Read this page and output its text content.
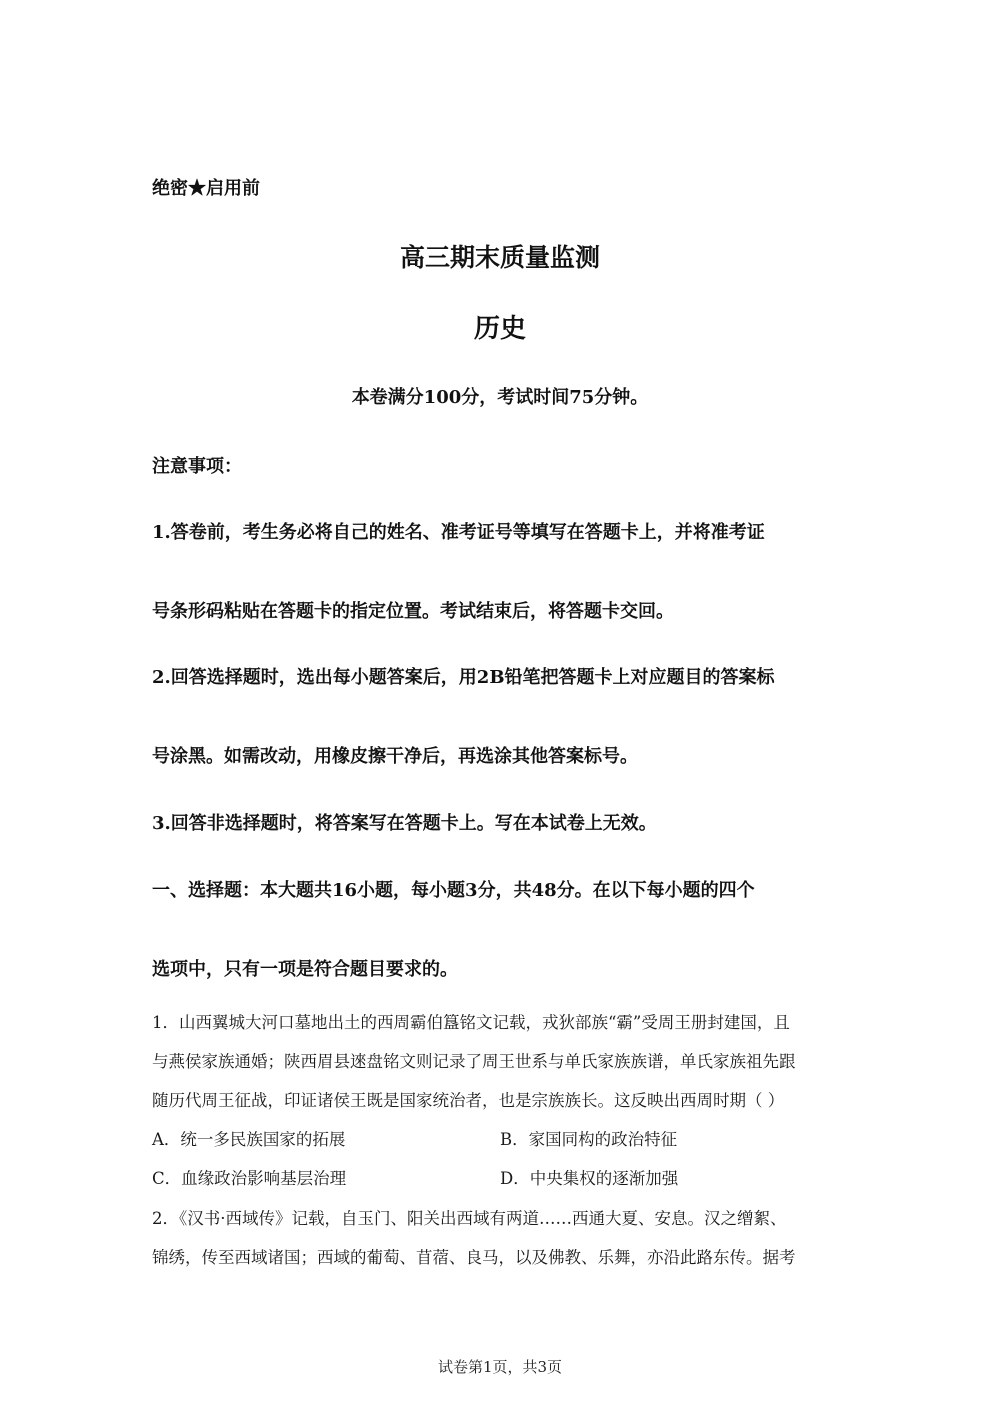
绝密★启用前
高三期末质量监测
历史
本卷满分100分，考试时间75分钟。
注意事项：
1.答卷前，考生务必将自己的姓名、准考证号等填写在答题卡上，并将准考证
号条形码粘贴在答题卡的指定位置。考试结束后，将答题卡交回。
2.回答选择题时，选出每小题答案后，用2B铅笔把答题卡上对应题目的答案标
号涂黑。如需改动，用橡皮擦干净后，再选涂其他答案标号。
3.回答非选择题时，将答案写在答题卡上。写在本试卷上无效。
一、选择题：本大题共16小题，每小题3分，共48分。在以下每小题的四个
选项中，只有一项是符合题目要求的。
1．山西翼城大河口墓地出土的西周霸伯簋铭文记载，戎狄部族“霸”受周王册封建国，且
与燕侯家族通婚；陕西眉县逨盘铭文则记录了周王世系与单氏家族族谱，单氏家族祖先跟
随历代周王征战，印证诸侯王既是国家统治者，也是宗族族长。这反映出西周时期（ ）
A．统一多民族国家的拓展	B．家国同构的政治特征
C．血缘政治影响基层治理	D．中央集权的逐渐加强
2．《汉书·西域传》记载，自玉门、阳关出西域有两道……西通大夏、安息。汉之缯絮、
锦绣，传至西域诸国；西域的葡萄、苜蓿、良马，以及佛教、乐舞，亦沿此路东传。据考
试卷第1页，共3页
